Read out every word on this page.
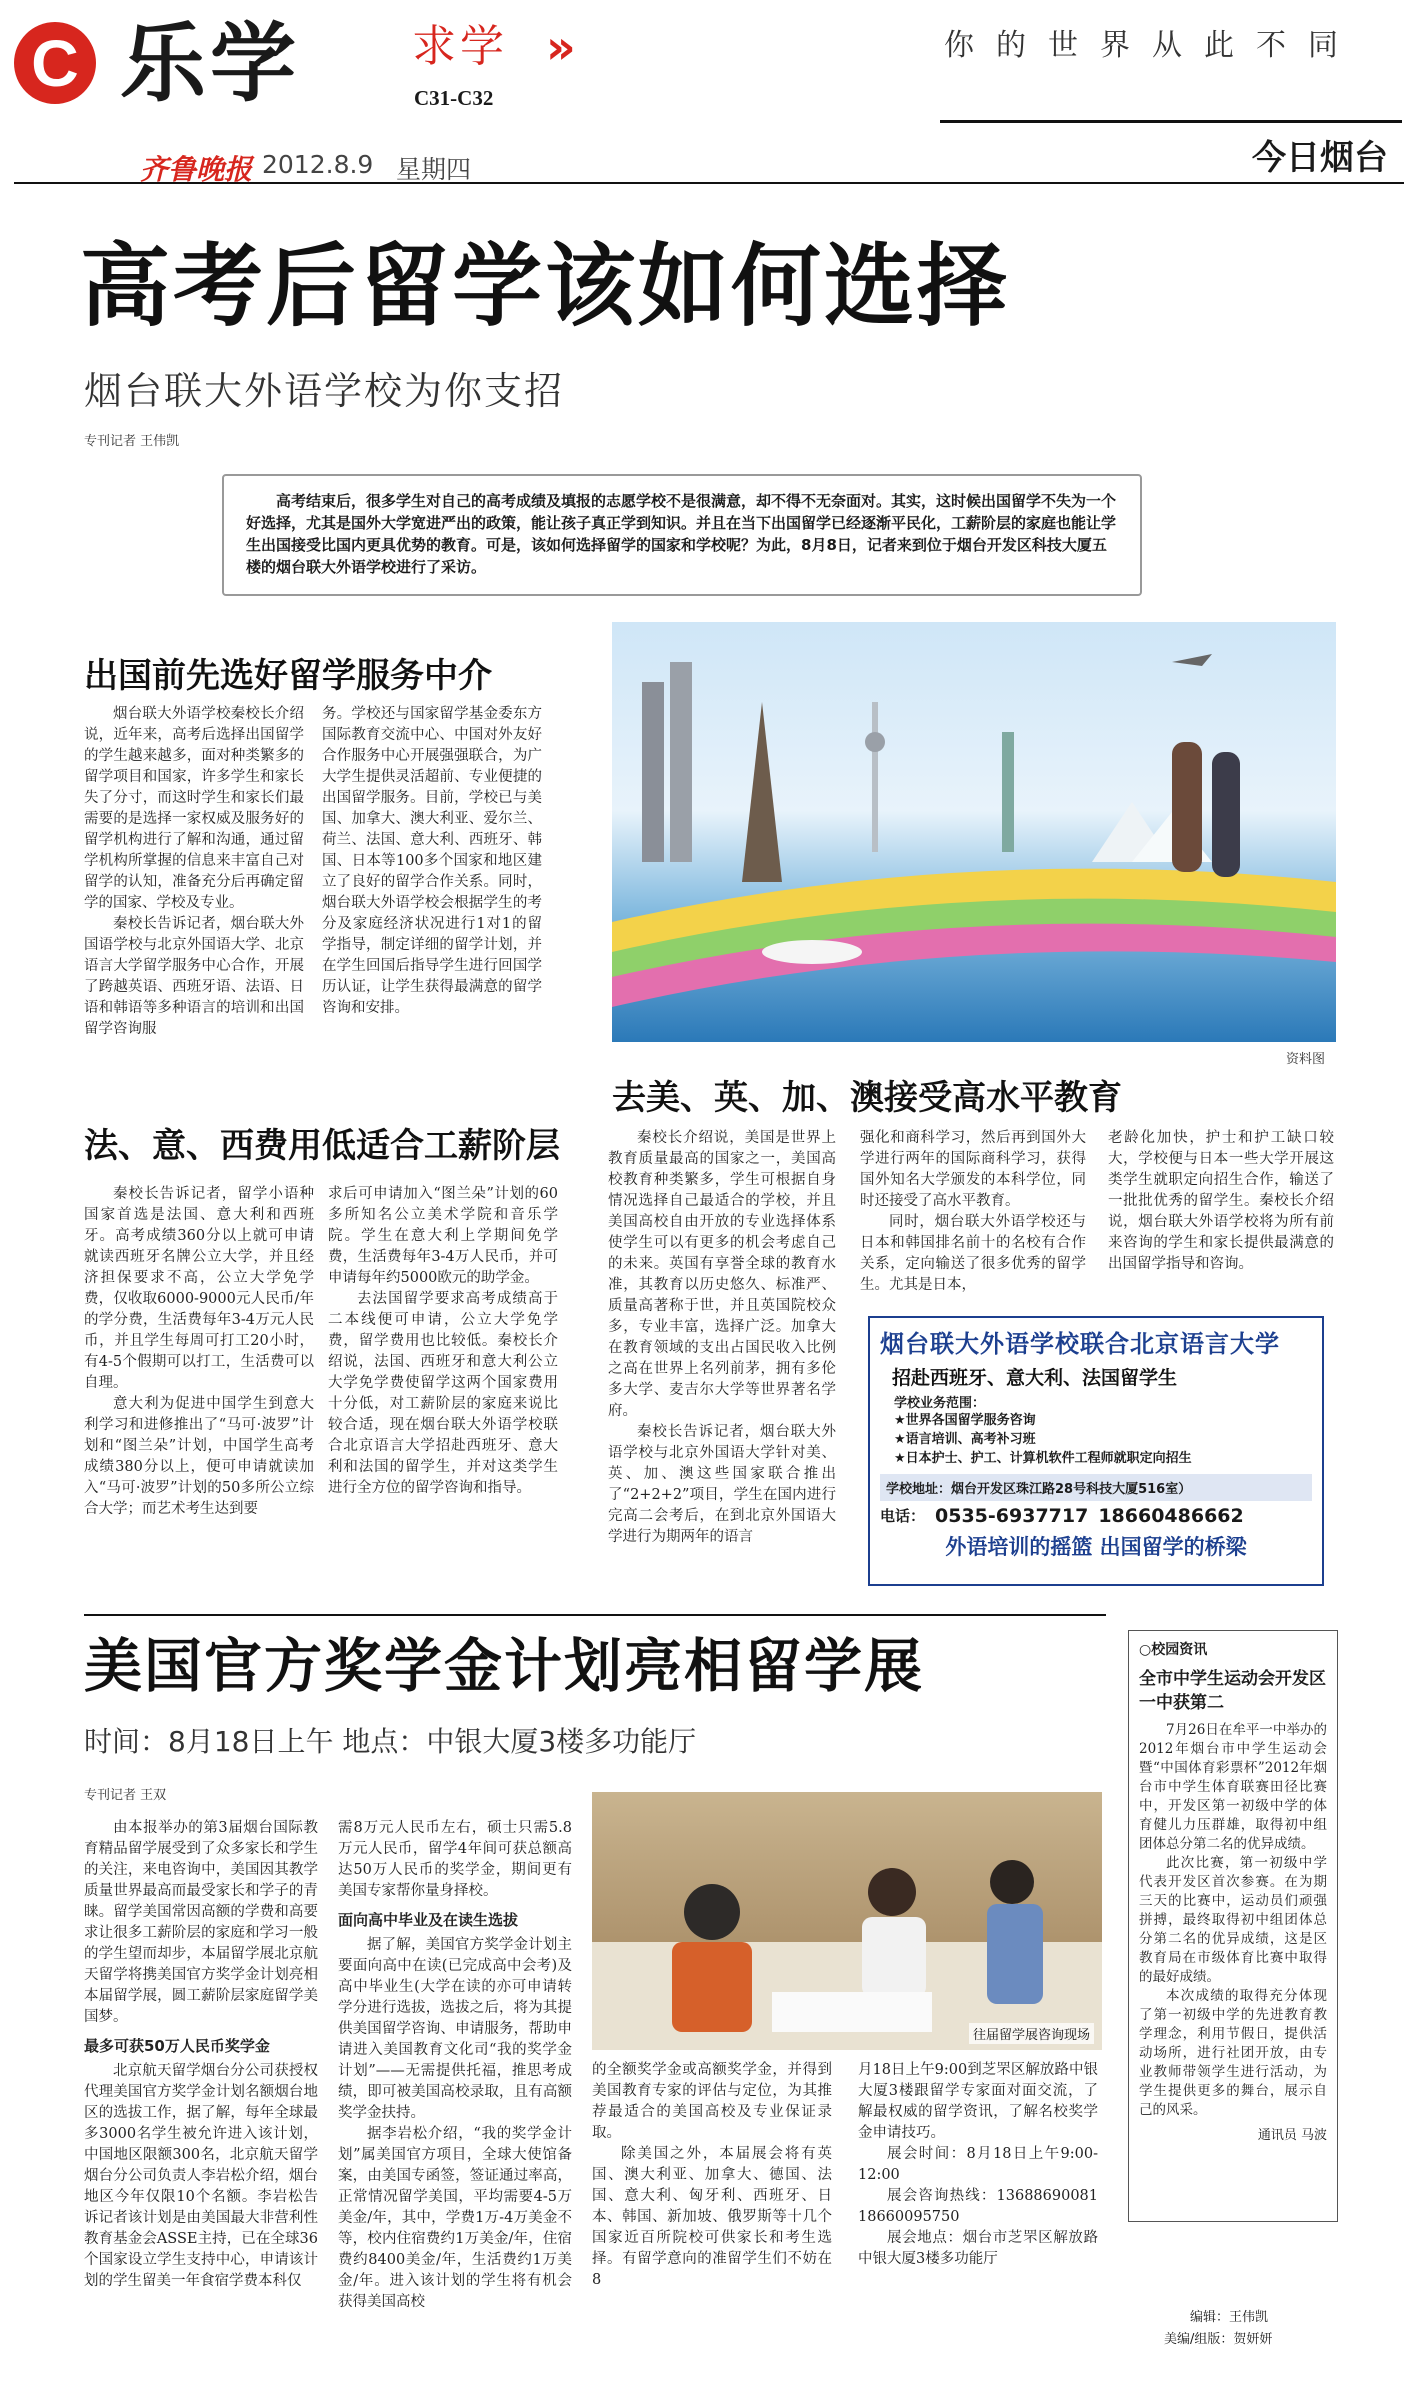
C 乐学	求学 »
C31-C32
你的世界从此不同
齐鲁晚报 2012.8.9 星期四	今日烟台
高考后留学该如何选择
烟台联大外语学校为你支招
专刊记者 王伟凯
高考结束后，很多学生对自己的高考成绩及填报的志愿学校不是很满意，却不得不无奈面对。其实，这时候出国留学不失为一个好选择，尤其是国外大学宽进严出的政策，能让孩子真正学到知识。并且在当下出国留学已经逐渐平民化，工薪阶层的家庭也能让学生出国接受比国内更具优势的教育。可是，该如何选择留学的国家和学校呢？为此，8月8日，记者来到位于烟台开发区科技大厦五楼的烟台联大外语学校进行了采访。
出国前先选好留学服务中介

烟台联大外语学校秦校长介绍说，近年来，高考后选择出国留学的学生越来越多，面对种类繁多的留学项目和国家，许多学生和家长失了分寸，而这时学生和家长们最需要的是选择一家权威及服务好的留学机构进行了解和沟通，通过留学机构所掌握的信息来丰富自己对留学的认知，准备充分后再确定留学的国家、学校及专业。

秦校长告诉记者，烟台联大外国语学校与北京外国语大学、北京语言大学留学服务中心合作，开展了跨越英语、西班牙语、法语、日语和韩语等多种语言的培训和出国留学咨询服

务。学校还与国家留学基金委东方国际教育交流中心、中国对外友好合作服务中心开展强强联合，为广大学生提供灵活超前、专业便捷的出国留学服务。目前，学校已与美国、加拿大、澳大利亚、爱尔兰、荷兰、法国、意大利、西班牙、韩国、日本等100多个国家和地区建立了良好的留学合作关系。同时，烟台联大外语学校会根据学生的考分及家庭经济状况进行1对1的留学指导，制定详细的留学计划，并在学生回国后指导学生进行回国学历认证，让学生获得最满意的留学咨询和安排。

资料图
去美、英、加、澳接受高水平教育

秦校长介绍说，美国是世界上教育质量最高的国家之一，美国高校教育种类繁多，学生可根据自身情况选择自己最适合的学校，并且美国高校自由开放的专业选择体系使学生可以有更多的机会考虑自己的未来。英国有享誉全球的教育水准，其教育以历史悠久、标准严、质量高著称于世，并且英国院校众多，专业丰富，选择广泛。加拿大在教育领域的支出占国民收入比例之高在世界上名列前茅，拥有多伦多大学、麦吉尔大学等世界著名学府。

秦校长告诉记者，烟台联大外语学校与北京外国语大学针对美、英、加、澳这些国家联合推出了“2+2+2”项目，学生在国内进行完高二会考后，在到北京外国语大学进行为期两年的语言

强化和商科学习，然后再到国外大学进行两年的国际商科学习，获得国外知名大学颁发的本科学位，同时还接受了高水平教育。

同时，烟台联大外语学校还与日本和韩国排名前十的名校有合作关系，定向输送了很多优秀的留学生。尤其是日本，

老龄化加快，护士和护工缺口较大，学校便与日本一些大学开展这类学生就职定向招生合作，输送了一批批优秀的留学生。秦校长介绍说，烟台联大外语学校将为所有前来咨询的学生和家长提供最满意的出国留学指导和咨询。

法、意、西费用低适合工薪阶层

秦校长告诉记者，留学小语种国家首选是法国、意大利和西班牙。高考成绩360分以上就可申请就读西班牙名牌公立大学，并且经济担保要求不高，公立大学免学费，仅收取6000-9000元人民币/年的学分费，生活费每年3-4万元人民币，并且学生每周可打工20小时，有4-5个假期可以打工，生活费可以自理。

意大利为促进中国学生到意大利学习和进修推出了“马可·波罗”计划和“图兰朵”计划，中国学生高考成绩380分以上，便可申请就读加入“马可·波罗”计划的50多所公立综合大学；而艺术考生达到要

求后可申请加入“图兰朵”计划的60多所知名公立美术学院和音乐学院。学生在意大利上学期间免学费，生活费每年3-4万人民币，并可申请每年约5000欧元的助学金。

去法国留学要求高考成绩高于二本线便可申请，公立大学免学费，留学费用也比较低。秦校长介绍说，法国、西班牙和意大利公立大学免学费使留学这两个国家费用十分低，对工薪阶层的家庭来说比较合适，现在烟台联大外语学校联合北京语言大学招赴西班牙、意大利和法国的留学生，并对这类学生进行全方位的留学咨询和指导。

烟台联大外语学校联合北京语言大学
招赴西班牙、意大利、法国留学生
学校业务范围：
★世界各国留学服务咨询
★语言培训、高考补习班
★日本护士、护工、计算机软件工程师就职定向招生
学校地址：烟台开发区珠江路28号科技大厦516室）
电话： 0535-6937717 18660486662
外语培训的摇篮 出国留学的桥梁
美国官方奖学金计划亮相留学展
时间：8月18日上午 地点：中银大厦3楼多功能厅
专刊记者 王双

由本报举办的第3届烟台国际教育精品留学展受到了众多家长和学生的关注，来电咨询中，美国因其教学质量世界最高而最受家长和学子的青睐。留学美国常因高额的学费和高要求让很多工薪阶层的家庭和学习一般的学生望而却步，本届留学展北京航天留学将携美国官方奖学金计划亮相本届留学展，圆工薪阶层家庭留学美国梦。

最多可获50万人民币奖学金

北京航天留学烟台分公司获授权代理美国官方奖学金计划名额烟台地区的选拔工作，据了解，每年全球最多3000名学生被允许进入该计划，中国地区限额300名，北京航天留学烟台分公司负责人李岩松介绍，烟台地区今年仅限10个名额。李岩松告诉记者该计划是由美国最大非营利性教育基金会ASSE主持，已在全球36个国家设立学生支持中心，申请该计划的学生留美一年食宿学费本科仅

需8万元人民币左右，硕士只需5.8万元人民币，留学4年间可获总额高达50万人民币的奖学金，期间更有美国专家帮你量身择校。

面向高中毕业及在读生选拔

据了解，美国官方奖学金计划主要面向高中在读(已完成高中会考)及高中毕业生(大学在读的亦可申请转学分进行选拔，选拔之后，将为其提供美国留学咨询、申请服务，帮助申请进入美国教育文化司“我的奖学金计划”——无需提供托福，推思考成绩，即可被美国高校录取，且有高额奖学金扶持。

据李岩松介绍，“我的奖学金计划”属美国官方项目，全球大使馆备案，由美国专函签，签证通过率高，正常情况留学美国，平均需要4-5万美金/年，其中，学费1万-4万美金不等，校内住宿费约1万美金/年，住宿费约8400美金/年，生活费约1万美金/年。进入该计划的学生将有机会获得美国高校

往届留学展咨询现场

的全额奖学金或高额奖学金，并得到美国教育专家的评估与定位，为其推荐最适合的美国高校及专业保证录取。

除美国之外，本届展会将有英国、澳大利亚、加拿大、德国、法国、意大利、匈牙利、西班牙、日本、韩国、新加坡、俄罗斯等十几个国家近百所院校可供家长和考生选择。有留学意向的准留学生们不妨在8

月18日上午9:00到芝罘区解放路中银大厦3楼跟留学专家面对面交流，了解最权威的留学资讯，了解名校奖学金申请技巧。

展会时间：8月18日上午9:00-12:00

展会咨询热线：13688690081 18660095750

展会地点：烟台市芝罘区解放路中银大厦3楼多功能厅

○校园资讯
全市中学生运动会开发区一中获第二

7月26日在牟平一中举办的2012年烟台市中学生运动会暨“中国体育彩票杯”2012年烟台市中学生体育联赛田径比赛中，开发区第一初级中学的体育健儿力压群雄，取得初中组团体总分第二名的优异成绩。

此次比赛，第一初级中学代表开发区首次参赛。在为期三天的比赛中，运动员们顽强拼搏，最终取得初中组团体总分第二名的优异成绩，这是区教育局在市级体育比赛中取得的最好成绩。

本次成绩的取得充分体现了第一初级中学的先进教育教学理念，利用节假日，提供活动场所，进行社团开放，由专业教师带领学生进行活动，为学生提供更多的舞台，展示自己的风采。

通讯员 马波
编辑：王伟凯
美编/组版：贺妍妍
